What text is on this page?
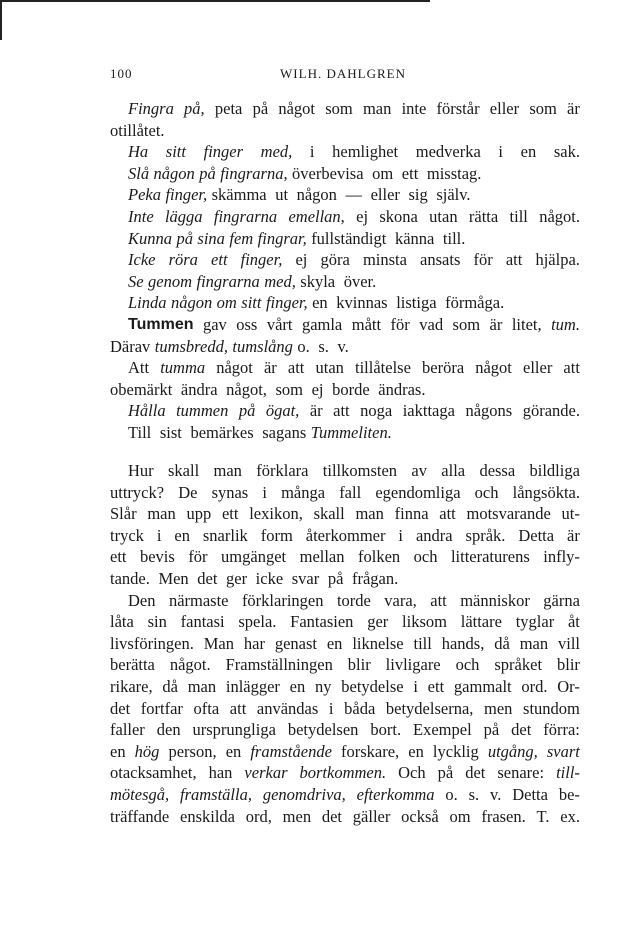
100	WILH. DAHLGREN
Fingra på, peta på något som man inte förstår eller som är
otillåtet.
Ha sitt finger med, i hemlighet medverka i en sak.
Slå någon på fingrarna, överbevisa om ett misstag.
Peka finger, skämma ut någon — eller sig själv.
Inte lägga fingrarna emellan, ej skona utan rätta till något.
Kunna på sina fem fingrar, fullständigt känna till.
Icke röra ett finger, ej göra minsta ansats för att hjälpa.
Se genom fingrarna med, skyla över.
Linda någon om sitt finger, en kvinnas listiga förmåga.
Tummen gav oss vårt gamla mått för vad som är litet, tum.
Därav tumsbredd, tumslång o. s. v.
Att tumma något är att utan tillåtelse beröra något eller att
obemärkt ändra något, som ej borde ändras.
Hålla tummen på ögat, är att noga iakttaga någons görande.
Till sist bemärkes sagans Tummeliten.
Hur skall man förklara tillkomsten av alla dessa bildliga
uttryck? De synas i många fall egendomliga och långsökta.
Slår man upp ett lexikon, skall man finna att motsvarande ut-
tryck i en snarlik form återkommer i andra språk. Detta är
ett bevis för umgänget mellan folken och litteraturens infly-
tande. Men det ger icke svar på frågan.
Den närmaste förklaringen torde vara, att människor gärna
låta sin fantasi spela. Fantasien ger liksom lättare tyglar åt
livsföringen. Man har genast en liknelse till hands, då man vill
berätta något. Framställningen blir livligare och språket blir
rikare, då man inlägger en ny betydelse i ett gammalt ord. Or-
det fortfar ofta att användas i båda betydelserna, men stundom
faller den ursprungliga betydelsen bort. Exempel på det förra:
en hög person, en framstående forskare, en lycklig utgång, svart
otacksamhet, han verkar bortkommen. Och på det senare: till-
mötesgå, framställa, genomdriva, efterkomma o. s. v. Detta be-
träffande enskilda ord, men det gäller också om frasen. T. ex.
